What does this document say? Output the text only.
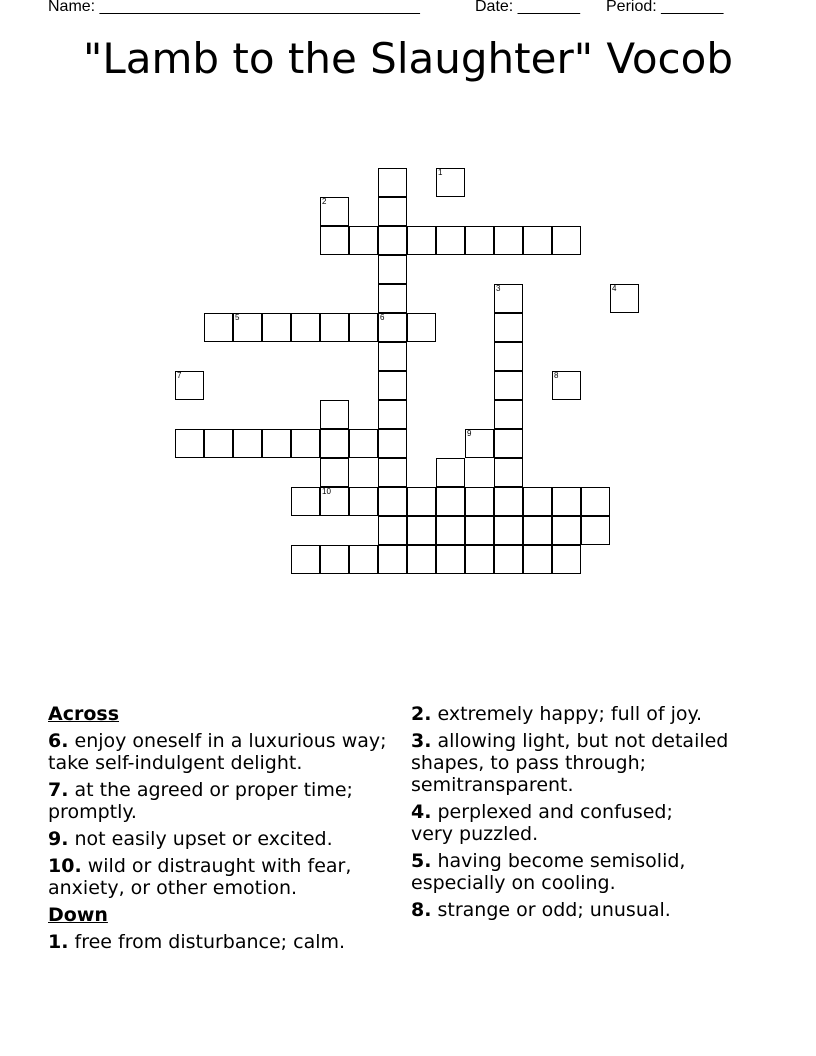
Name: ____________________________________	Date: _______ Period: _______
"Lamb to the Slaughter" Vocob
5	6
10
1
2
3	4
7	8
9
Across
6. enjoy oneself in a luxurious way; take self-indulgent delight.
7. at the agreed or proper time; promptly.
9. not easily upset or excited.
10. wild or distraught with fear, anxiety, or other emotion.
Down
1. free from disturbance; calm.
2. extremely happy; full of joy.
3. allowing light, but not detailed shapes, to pass through; semitransparent.
4. perplexed and confused; very puzzled.
5. having become semisolid, especially on cooling.
8. strange or odd; unusual.
